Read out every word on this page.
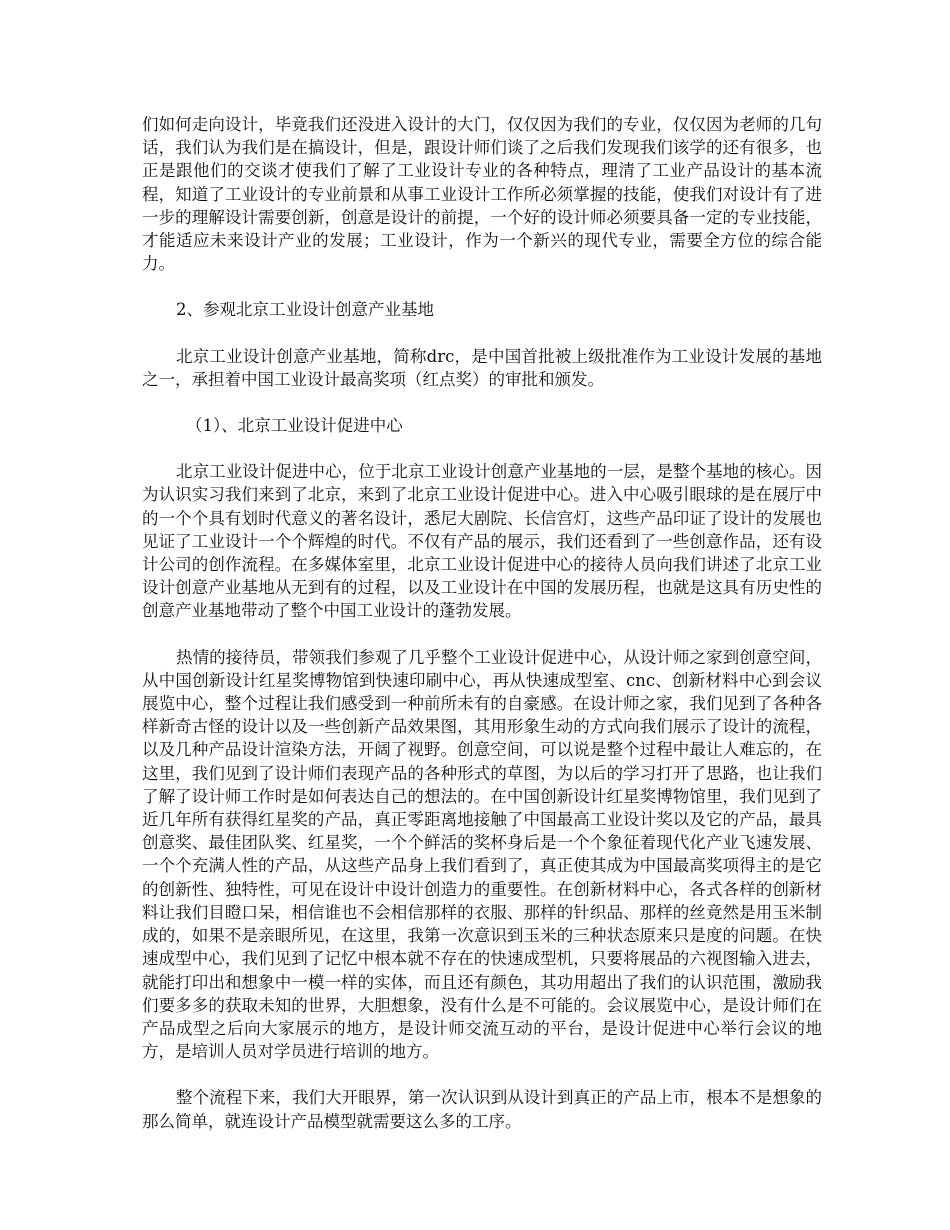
们如何走向设计，毕竟我们还没进入设计的大门，仅仅因为我们的专业，仅仅因为老师的几句话，我们认为我们是在搞设计，但是，跟设计师们谈了之后我们发现我们该学的还有很多，也正是跟他们的交谈才使我们了解了工业设计专业的各种特点，理清了工业产品设计的基本流程，知道了工业设计的专业前景和从事工业设计工作所必须掌握的技能，使我们对设计有了进一步的理解设计需要创新，创意是设计的前提，一个好的设计师必须要具备一定的专业技能，才能适应未来设计产业的发展；工业设计，作为一个新兴的现代专业，需要全方位的综合能力。

2、参观北京工业设计创意产业基地

北京工业设计创意产业基地，简称drc，是中国首批被上级批准作为工业设计发展的基地之一，承担着中国工业设计最高奖项（红点奖）的审批和颁发。

（1）、北京工业设计促进中心

北京工业设计促进中心，位于北京工业设计创意产业基地的一层，是整个基地的核心。因为认识实习我们来到了北京，来到了北京工业设计促进中心。进入中心吸引眼球的是在展厅中的一个个具有划时代意义的著名设计，悉尼大剧院、长信宫灯，这些产品印证了设计的发展也见证了工业设计一个个辉煌的时代。不仅有产品的展示，我们还看到了一些创意作品，还有设计公司的创作流程。在多媒体室里，北京工业设计促进中心的接待人员向我们讲述了北京工业设计创意产业基地从无到有的过程，以及工业设计在中国的发展历程，也就是这具有历史性的创意产业基地带动了整个中国工业设计的蓬勃发展。

热情的接待员，带领我们参观了几乎整个工业设计促进中心，从设计师之家到创意空间，从中国创新设计红星奖博物馆到快速印刷中心，再从快速成型室、cnc、创新材料中心到会议展览中心，整个过程让我们感受到一种前所未有的自豪感。在设计师之家，我们见到了各种各样新奇古怪的设计以及一些创新产品效果图，其用形象生动的方式向我们展示了设计的流程，以及几种产品设计渲染方法，开阔了视野。创意空间，可以说是整个过程中最让人难忘的，在这里，我们见到了设计师们表现产品的各种形式的草图，为以后的学习打开了思路，也让我们了解了设计师工作时是如何表达自己的想法的。在中国创新设计红星奖博物馆里，我们见到了近几年所有获得红星奖的产品，真正零距离地接触了中国最高工业设计奖以及它的产品，最具创意奖、最佳团队奖、红星奖，一个个鲜活的奖杯身后是一个个象征着现代化产业飞速发展、一个个充满人性的产品，从这些产品身上我们看到了，真正使其成为中国最高奖项得主的是它的创新性、独特性，可见在设计中设计创造力的重要性。在创新材料中心，各式各样的创新材料让我们目瞪口呆，相信谁也不会相信那样的衣服、那样的针织品、那样的丝竟然是用玉米制成的，如果不是亲眼所见，在这里，我第一次意识到玉米的三种状态原来只是度的问题。在快速成型中心，我们见到了记忆中根本就不存在的快速成型机，只要将展品的六视图输入进去，就能打印出和想象中一模一样的实体，而且还有颜色，其功用超出了我们的认识范围，激励我们要多多的获取未知的世界，大胆想象，没有什么是不可能的。会议展览中心，是设计师们在产品成型之后向大家展示的地方，是设计师交流互动的平台，是设计促进中心举行会议的地方，是培训人员对学员进行培训的地方。

整个流程下来，我们大开眼界，第一次认识到从设计到真正的产品上市，根本不是想象的那么简单，就连设计产品模型就需要这么多的工序。
